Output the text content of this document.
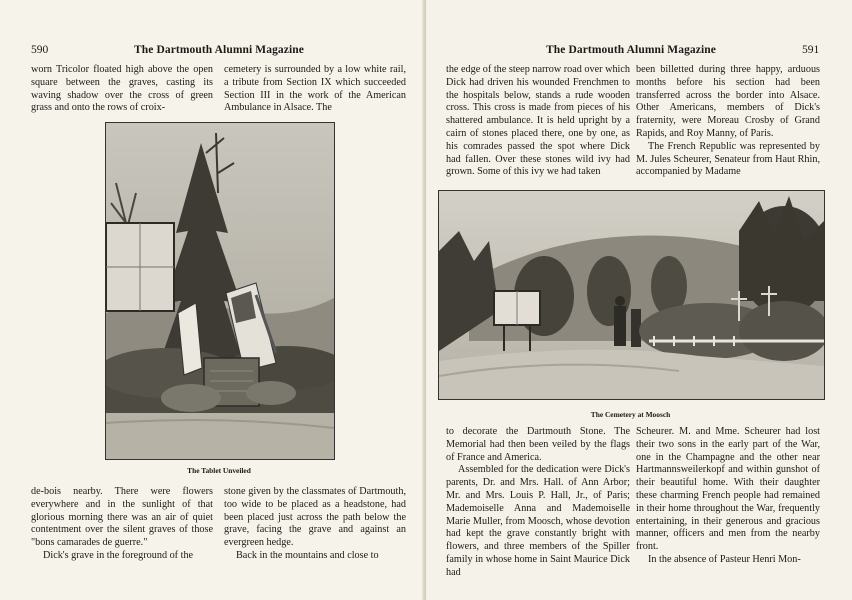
590	The Dartmouth Alumni Magazine

worn Tricolor floated high above the open square between the graves, casting its waving shadow over the cross of green grass and onto the rows of croix-

cemetery is surrounded by a low white rail, a tribute from Section IX which succeeded Section III in the work of the American Ambulance in Alsace. The

The Tablet Unveiled

de-bois nearby. There were flowers everywhere and in the sunlight of that glorious morning there was an air of quiet contentment over the silent graves of those "bons camarades de guerre."

Dick's grave in the foreground of the

stone given by the classmates of Dartmouth, too wide to be placed as a headstone, had been placed just across the path below the grave, facing the grave and against an evergreen hedge.

Back in the mountains and close to

The Dartmouth Alumni Magazine	591

the edge of the steep narrow road over which Dick had driven his wounded Frenchmen to the hospitals below, stands a rude wooden cross. This cross is made from pieces of his shattered ambulance. It is held upright by a cairn of stones placed there, one by one, as his comrades passed the spot where Dick had fallen. Over these stones wild ivy had grown. Some of this ivy we had taken

been billetted during three happy, arduous months before his section had been transferred across the border into Alsace. Other Americans, members of Dick's fraternity, were Moreau Crosby of Grand Rapids, and Roy Manny, of Paris.

The French Republic was represented by M. Jules Scheurer, Senateur from Haut Rhin, accompanied by Madame

The Cemetery at Moosch

to decorate the Dartmouth Stone. The Memorial had then been veiled by the flags of France and America.

Assembled for the dedication were Dick's parents, Dr. and Mrs. Hall. of Ann Arbor; Mr. and Mrs. Louis P. Hall, Jr., of Paris; Mademoiselle Anna and Mademoiselle Marie Muller, from Moosch, whose devotion had kept the grave constantly bright with flowers, and three members of the Spiller family in whose home in Saint Maurice Dick had

Scheurer. M. and Mme. Scheurer had lost their two sons in the early part of the War, one in the Champagne and the other near Hartmannsweilerkopf and within gunshot of their beautiful home. With their daughter these charming French people had remained in their home throughout the War, frequently entertaining, in their generous and gracious manner, officers and men from the nearby front.

In the absence of Pasteur Henri Mon-
